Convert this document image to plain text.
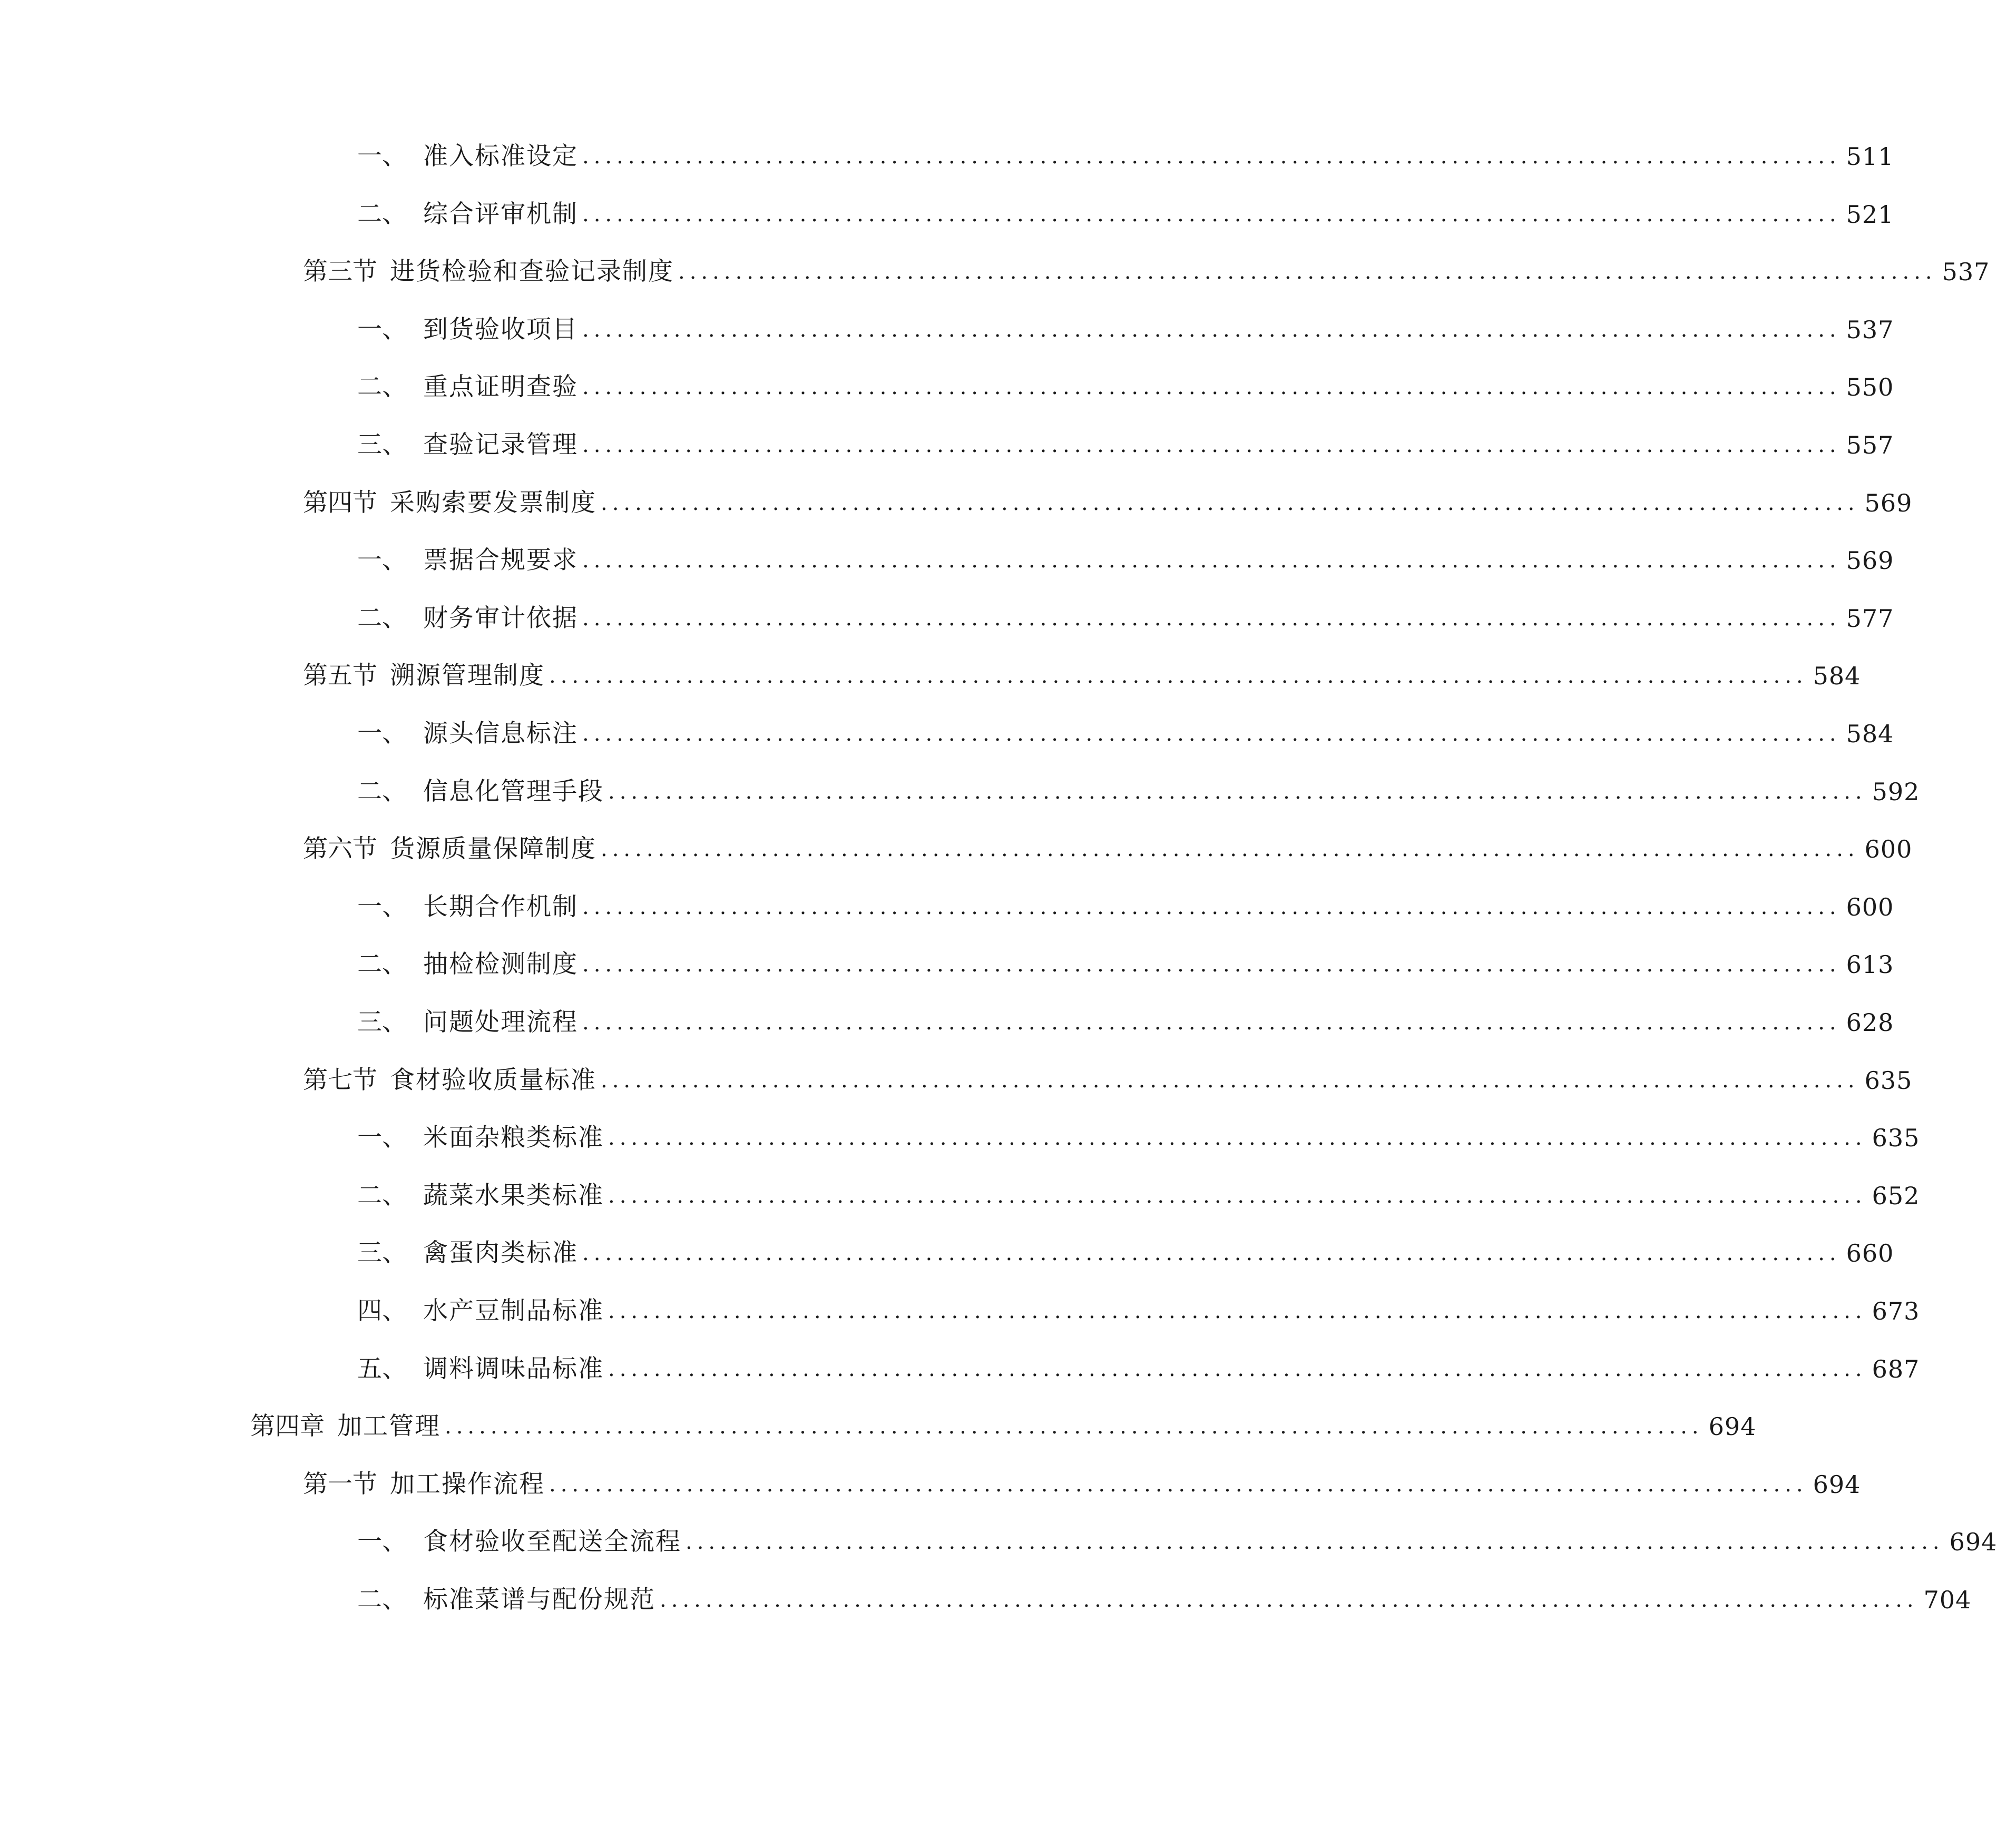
一、 准入标准设定 .............................................................................................................. 511
二、 综合评审机制 .............................................................................................................. 521
第三节 进货检验和查验记录制度 .............................................................................................................. 537
一、 到货验收项目 .............................................................................................................. 537
二、 重点证明查验 .............................................................................................................. 550
三、 查验记录管理 .............................................................................................................. 557
第四节 采购索要发票制度 .............................................................................................................. 569
一、 票据合规要求 .............................................................................................................. 569
二、 财务审计依据 .............................................................................................................. 577
第五节 溯源管理制度 .............................................................................................................. 584
一、 源头信息标注 .............................................................................................................. 584
二、 信息化管理手段 .............................................................................................................. 592
第六节 货源质量保障制度 .............................................................................................................. 600
一、 长期合作机制 .............................................................................................................. 600
二、 抽检检测制度 .............................................................................................................. 613
三、 问题处理流程 .............................................................................................................. 628
第七节 食材验收质量标准 .............................................................................................................. 635
一、 米面杂粮类标准 .............................................................................................................. 635
二、 蔬菜水果类标准 .............................................................................................................. 652
三、 禽蛋肉类标准 .............................................................................................................. 660
四、 水产豆制品标准 .............................................................................................................. 673
五、 调料调味品标准 .............................................................................................................. 687
第四章 加工管理 .............................................................................................................. 694
第一节 加工操作流程 .............................................................................................................. 694
一、 食材验收至配送全流程 .............................................................................................................. 694
二、 标准菜谱与配份规范 .............................................................................................................. 704
